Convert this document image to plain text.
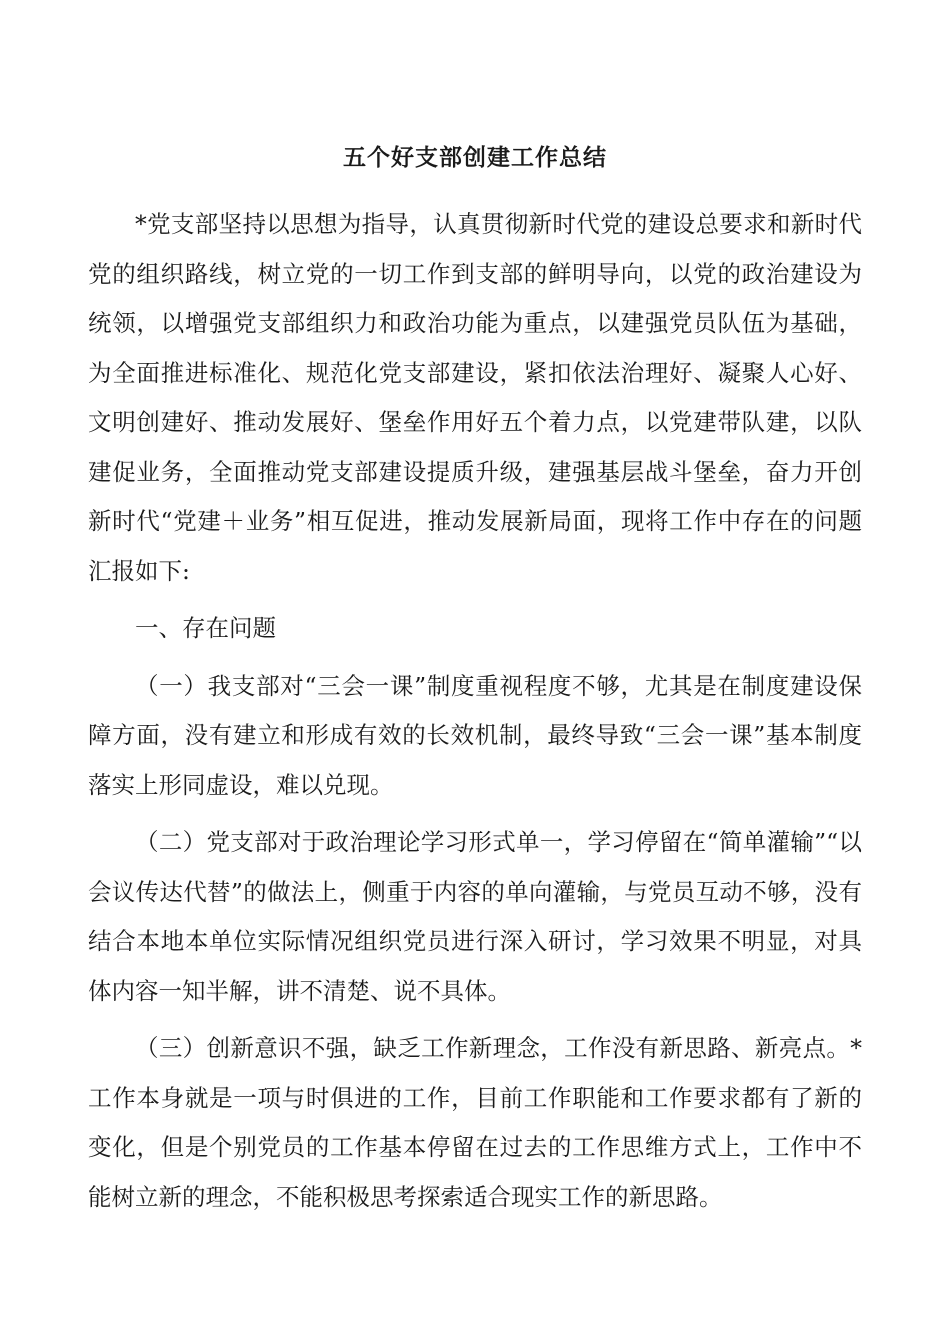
五个好支部创建工作总结

*党支部坚持以思想为指导，认真贯彻新时代党的建设总要求和新时代党的组织路线，树立党的一切工作到支部的鲜明导向，以党的政治建设为统领，以增强党支部组织力和政治功能为重点，以建强党员队伍为基础，为全面推进标准化、规范化党支部建设，紧扣依法治理好、凝聚人心好、文明创建好、推动发展好、堡垒作用好五个着力点，以党建带队建，以队建促业务，全面推动党支部建设提质升级，建强基层战斗堡垒，奋力开创新时代“党建＋业务”相互促进，推动发展新局面，现将工作中存在的问题汇报如下:

一、存在问题

（一）我支部对“三会一课”制度重视程度不够，尤其是在制度建设保障方面，没有建立和形成有效的长效机制，最终导致“三会一课”基本制度落实上形同虚设，难以兑现。

（二）党支部对于政治理论学习形式单一，学习停留在“简单灌输”“以会议传达代替”的做法上，侧重于内容的单向灌输，与党员互动不够，没有结合本地本单位实际情况组织党员进行深入研讨，学习效果不明显，对具体内容一知半解，讲不清楚、说不具体。

（三）创新意识不强，缺乏工作新理念，工作没有新思路、新亮点。*工作本身就是一项与时俱进的工作，目前工作职能和工作要求都有了新的变化，但是个别党员的工作基本停留在过去的工作思维方式上，工作中不能树立新的理念，不能积极思考探索适合现实工作的新思路。
